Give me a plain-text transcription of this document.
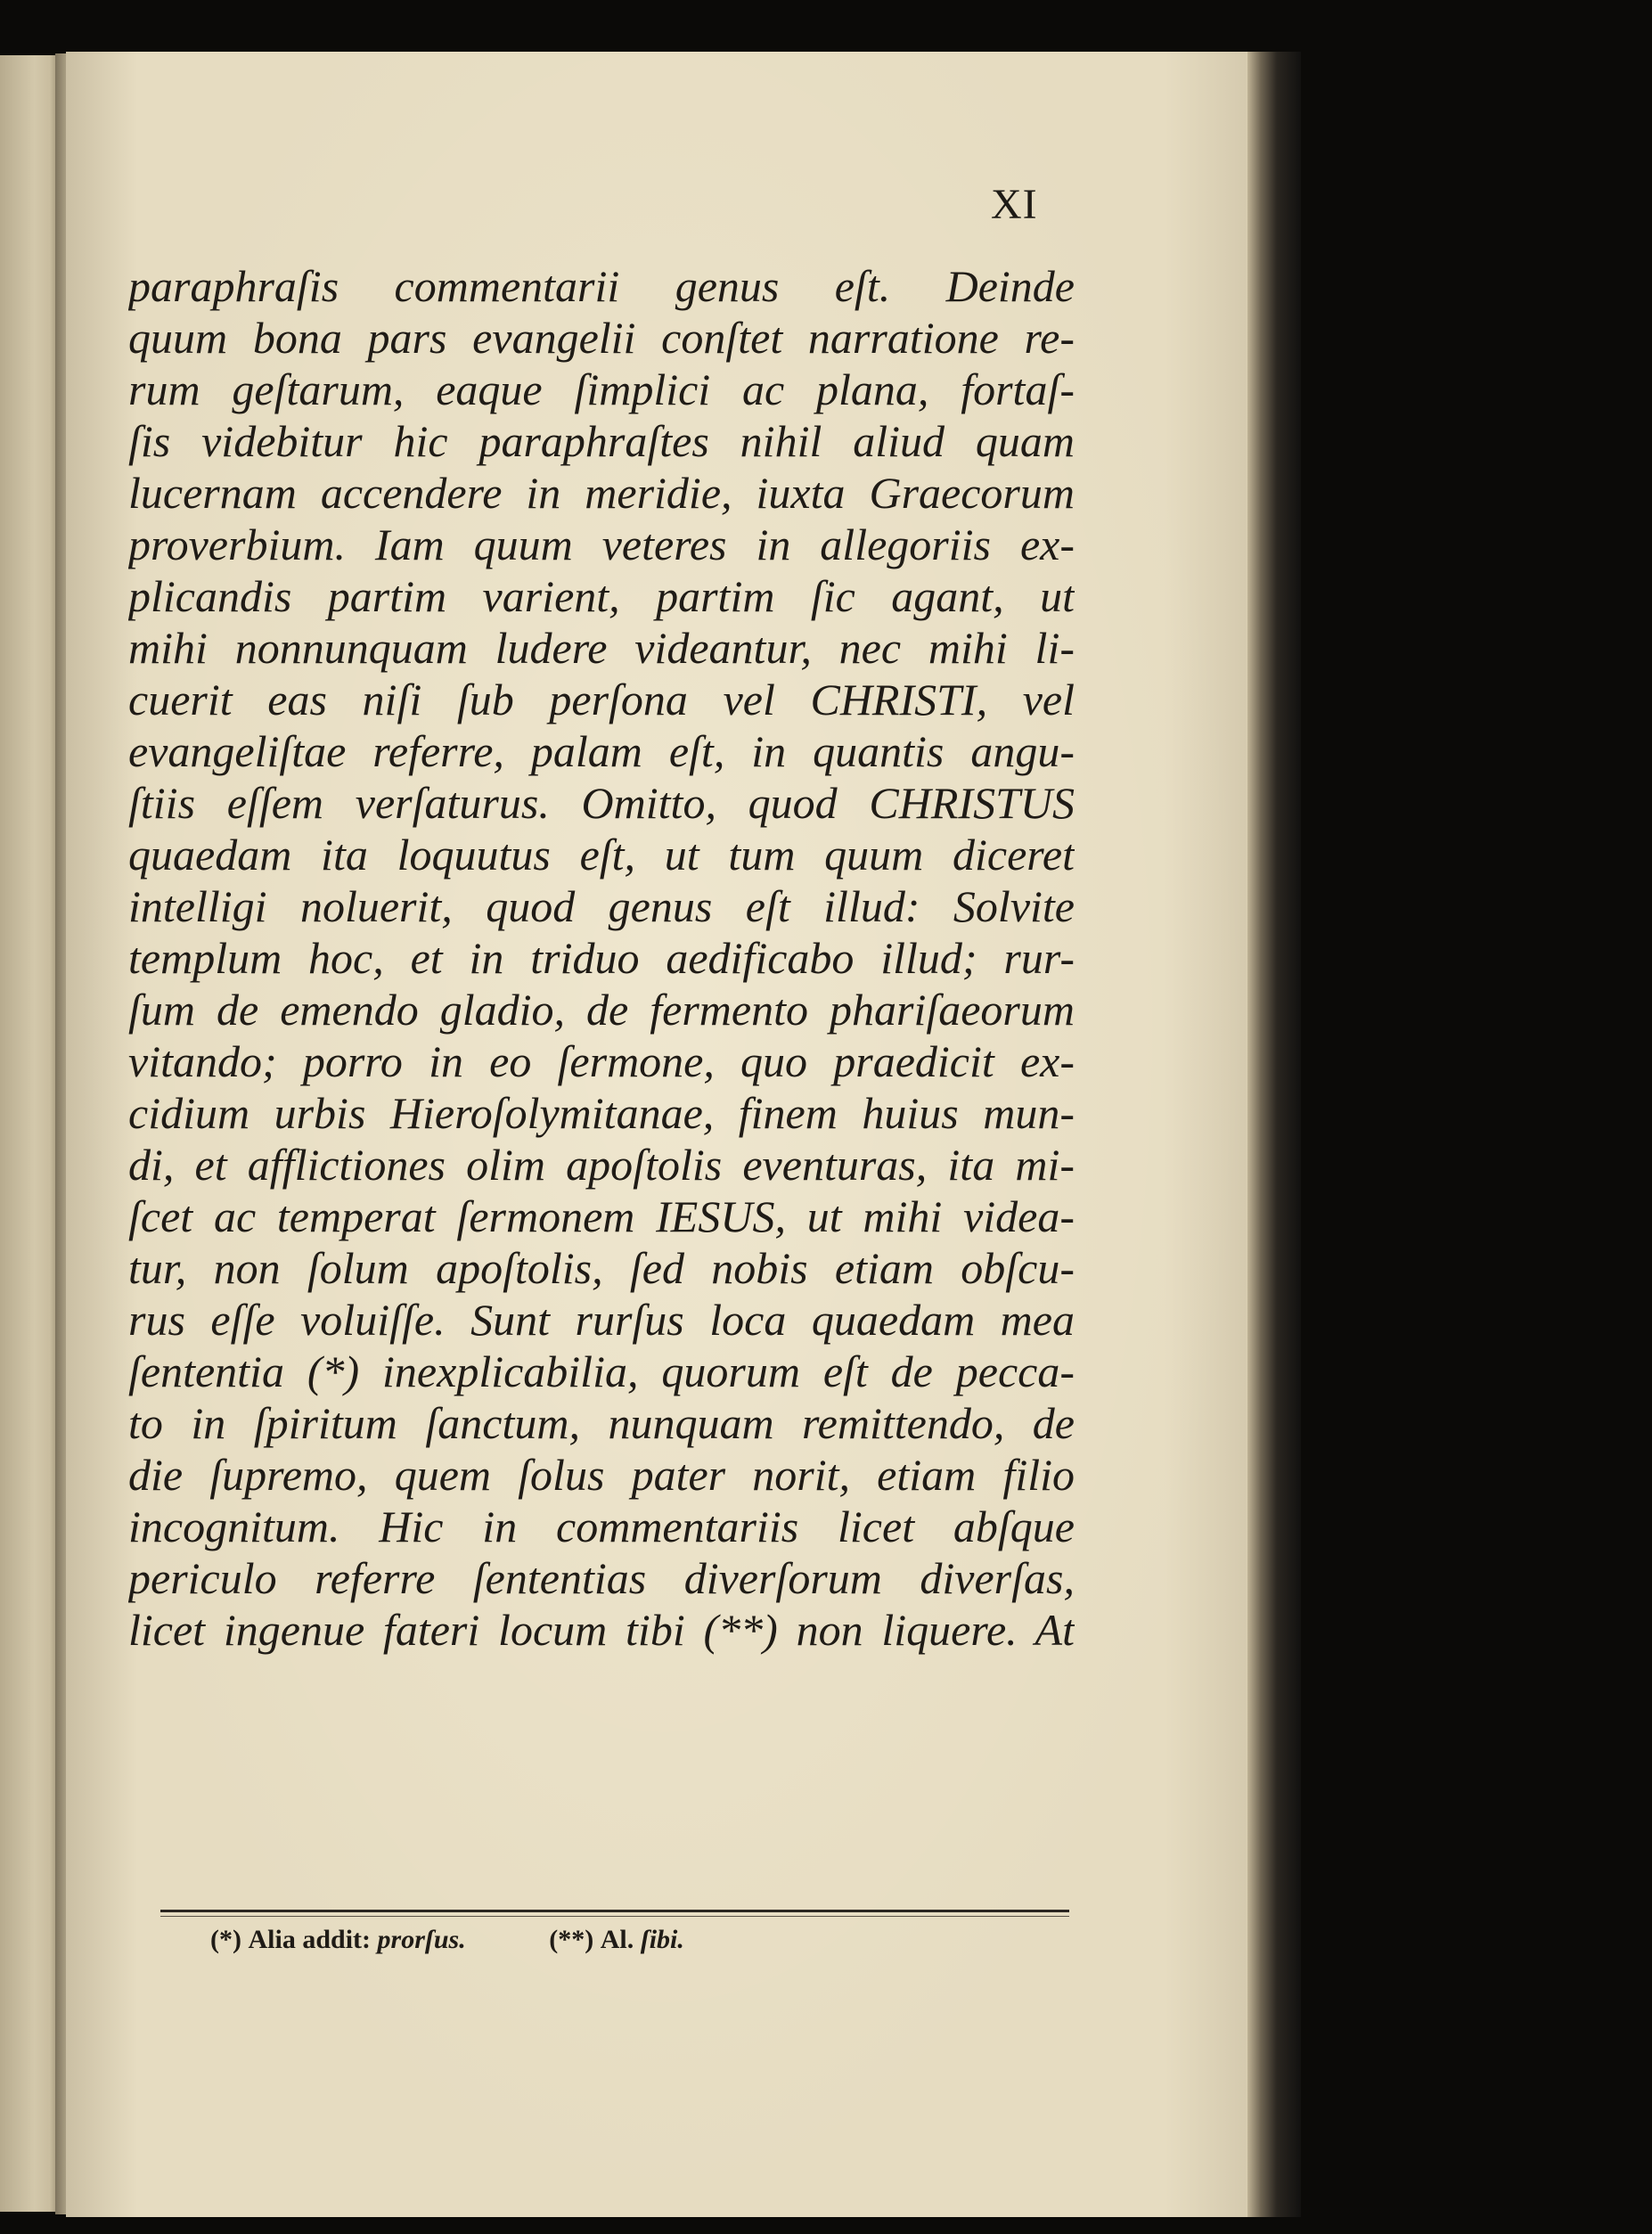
XI
paraphraſis commentarii genus eſt. Deinde
quum bona pars evangelii conſtet narratione re-
rum geſtarum, eaque ſimplici ac plana, fortaſ-
ſis videbitur hic paraphraſtes nihil aliud quam
lucernam accendere in meridie, iuxta Graecorum
proverbium. Iam quum veteres in allegoriis ex-
plicandis partim varient, partim ſic agant, ut
mihi nonnunquam ludere videantur, nec mihi li-
cuerit eas niſi ſub perſona vel CHRISTI, vel
evangeliſtae referre, palam eſt, in quantis angu-
ſtiis eſſem verſaturus. Omitto, quod CHRISTUS
quaedam ita loquutus eſt, ut tum quum diceret
intelligi noluerit, quod genus eſt illud: Solvite
templum hoc, et in triduo aedificabo illud; rur-
ſum de emendo gladio, de fermento phariſaeorum
vitando; porro in eo ſermone, quo praedicit ex-
cidium urbis Hieroſolymitanae, finem huius mun-
di, et afflictiones olim apoſtolis eventuras, ita mi-
ſcet ac temperat ſermonem IESUS, ut mihi videa-
tur, non ſolum apoſtolis, ſed nobis etiam obſcu-
rus eſſe voluiſſe. Sunt rurſus loca quaedam mea
ſententia (*) inexplicabilia, quorum eſt de pecca-
to in ſpiritum ſanctum, nunquam remittendo, de
die ſupremo, quem ſolus pater norit, etiam filio
incognitum. Hic in commentariis licet abſque
periculo referre ſententias diverſorum diverſas,
licet ingenue fateri locum tibi (**) non liquere. At
(*) Alia addit: prorſus.	(**) Al. ſibi.
